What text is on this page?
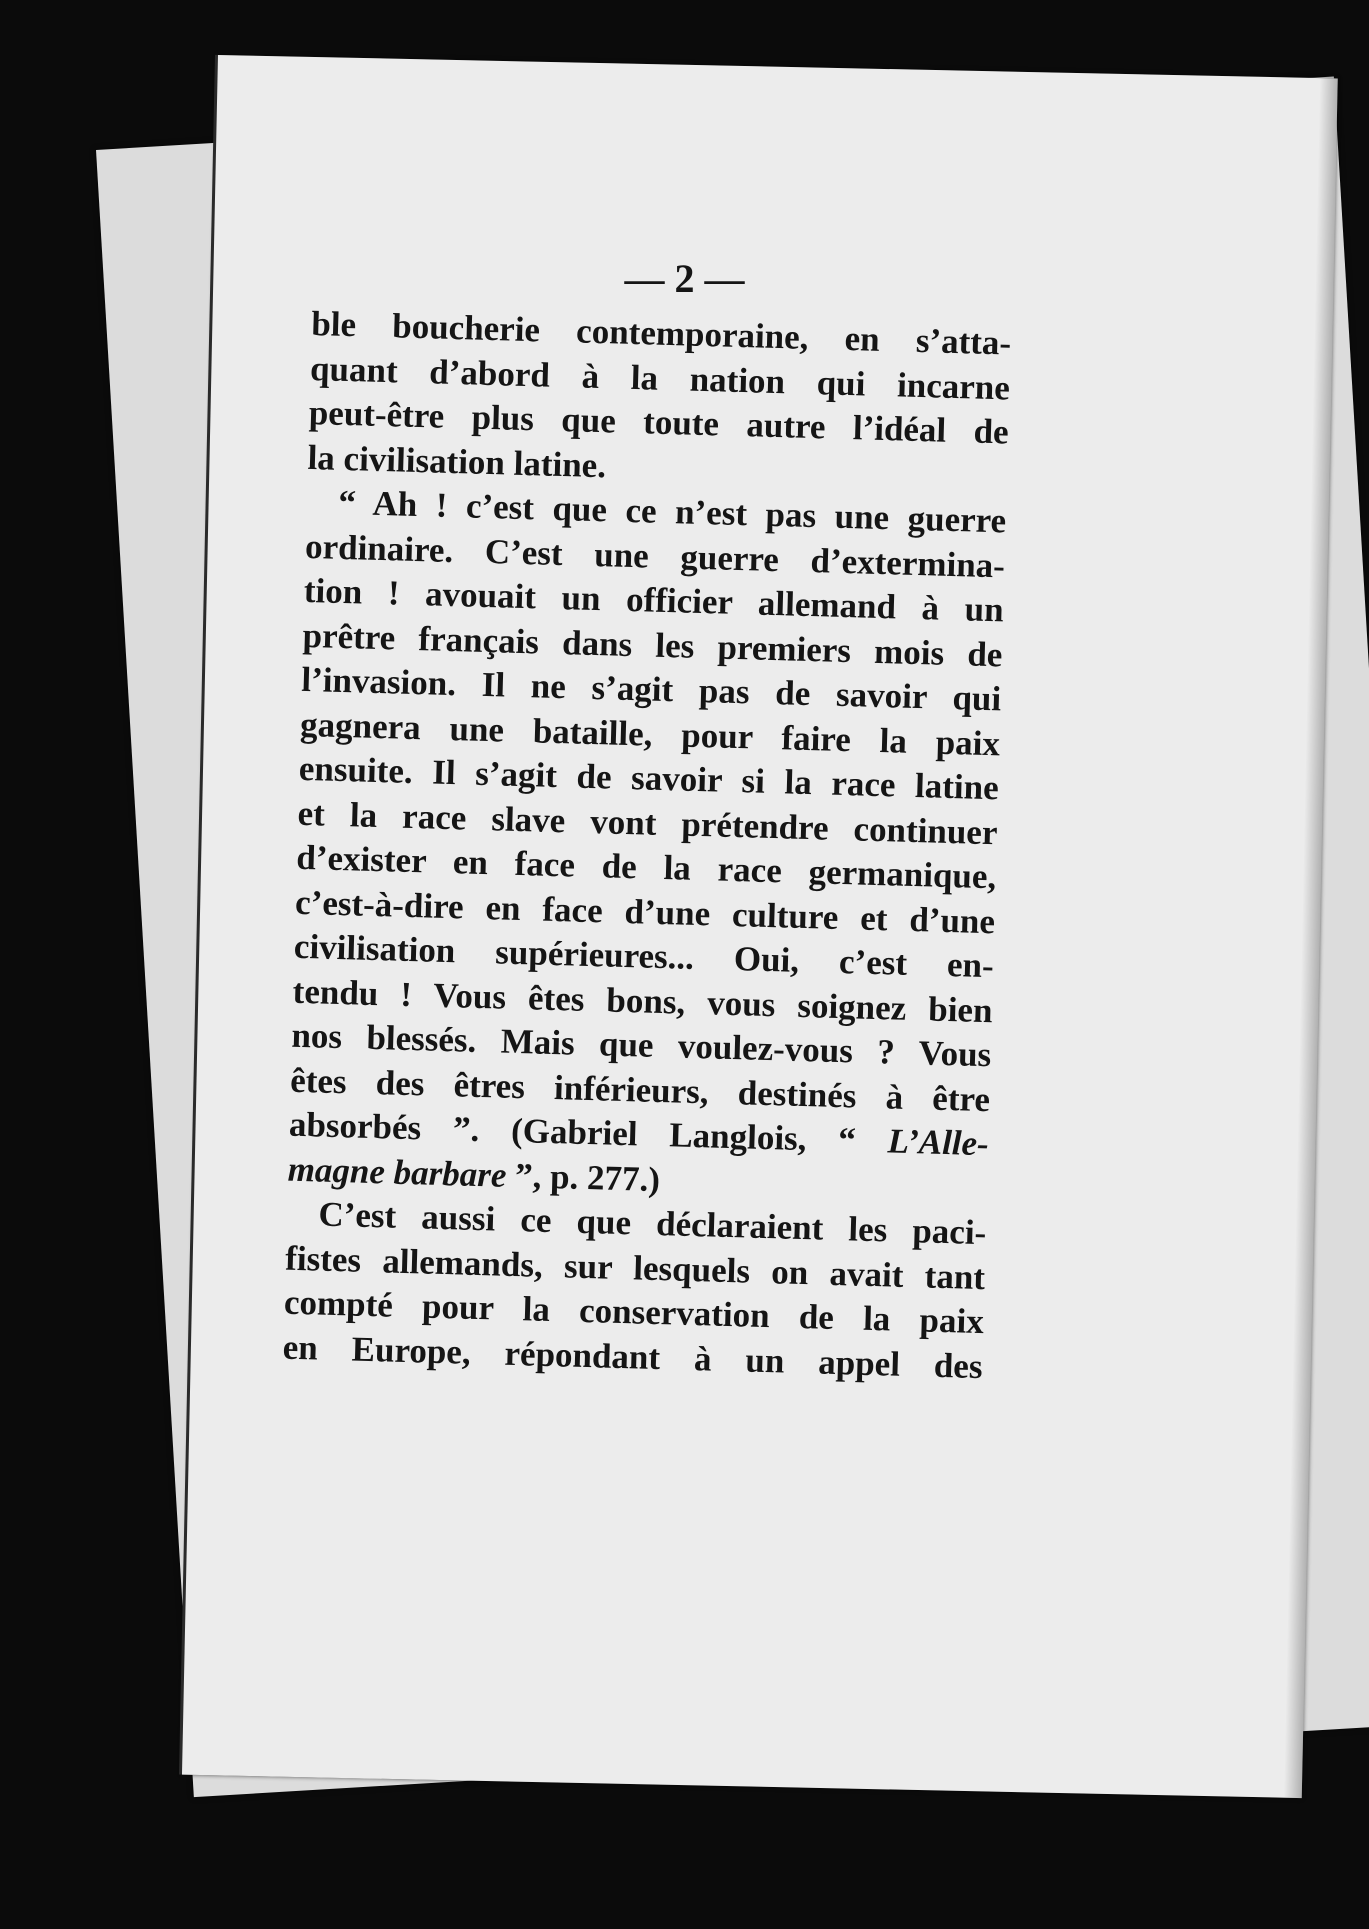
— 2 —
ble boucherie contemporaine, en s’atta-
quant d’abord à la nation qui incarne
peut-être plus que toute autre l’idéal de
la civilisation latine.
“ Ah ! c’est que ce n’est pas une guerre
ordinaire. C’est une guerre d’extermina-
tion ! avouait un officier allemand à un
prêtre français dans les premiers mois de
l’invasion. Il ne s’agit pas de savoir qui
gagnera une bataille, pour faire la paix
ensuite. Il s’agit de savoir si la race latine
et la race slave vont prétendre continuer
d’exister en face de la race germanique,
c’est-à-dire en face d’une culture et d’une
civilisation supérieures... Oui, c’est en-
tendu ! Vous êtes bons, vous soignez bien
nos blessés. Mais que voulez-vous ? Vous
êtes des êtres inférieurs, destinés à être
absorbés ”. (Gabriel Langlois, “ L’Alle-
magne barbare ”, p. 277.)
C’est aussi ce que déclaraient les paci-
fistes allemands, sur lesquels on avait tant
compté pour la conservation de la paix
en Europe, répondant à un appel des
